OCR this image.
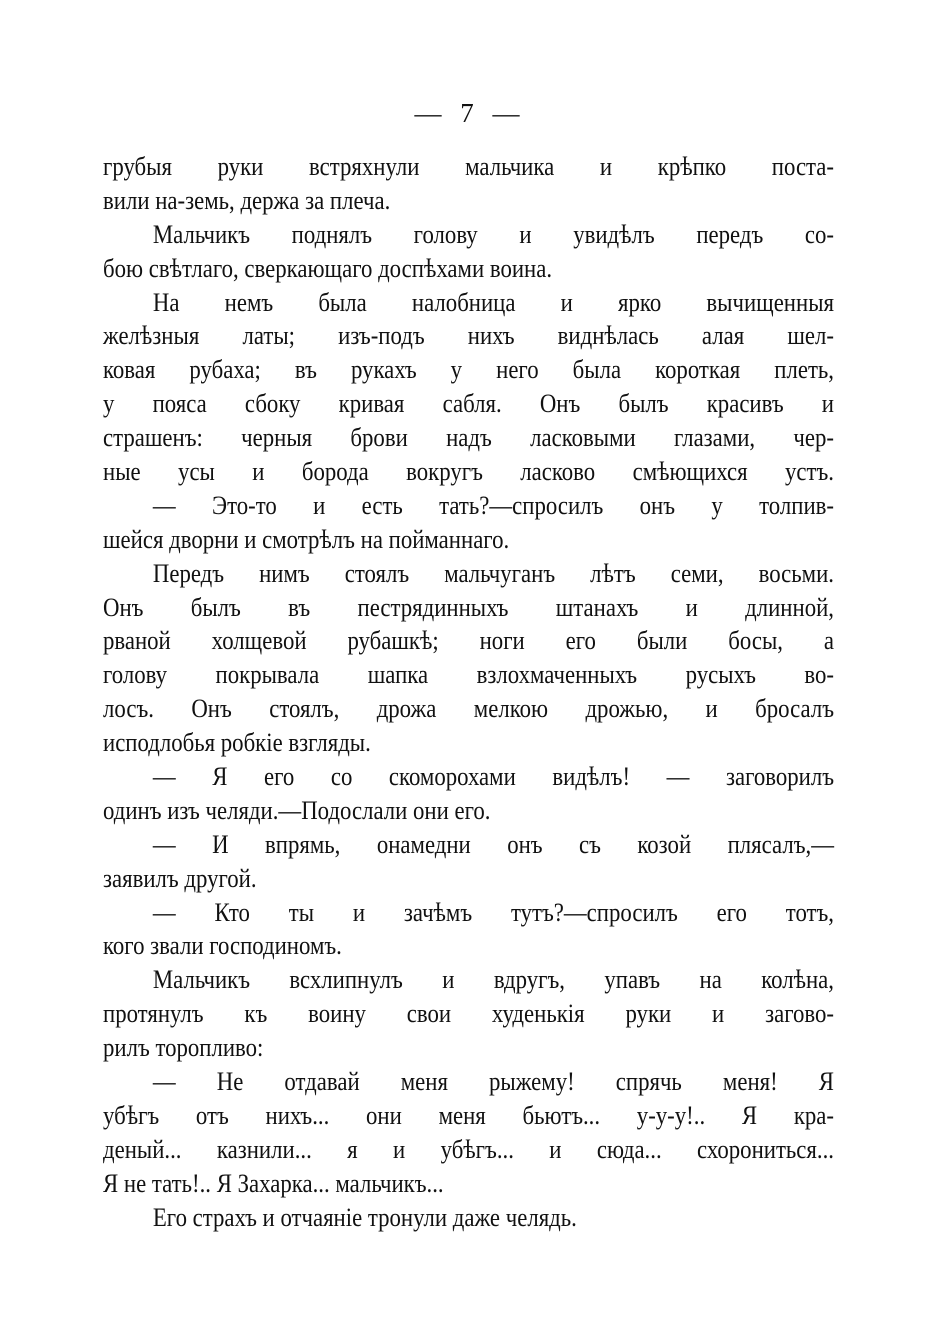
— 7 —
грубыя руки встряхнули мальчика и крѣпко поста-
вили на-земь, держа за плеча.
Мальчикъ поднялъ голову и увидѣлъ передъ со-
бою свѣтлаго, сверкающаго доспѣхами воина.
На немъ была налобница и ярко вычищенныя
желѣзныя латы; изъ-подъ нихъ виднѣлась алая шел-
ковая рубаха; въ рукахъ у него была короткая плеть,
у пояса сбоку кривая сабля. Онъ былъ красивъ и
страшенъ: черныя брови надъ ласковыми глазами, чер-
ные усы и борода вокругъ ласково смѣющихся устъ.
— Это-то и есть тать?—спросилъ онъ у толпив-
шейся дворни и смотрѣлъ на пойманнаго.
Передъ нимъ стоялъ мальчуганъ лѣтъ семи, восьми.
Онъ былъ въ пестрядинныхъ штанахъ и длинной,
рваной холщевой рубашкѣ; ноги его были босы, а
голову покрывала шапка взлохмаченныхъ русыхъ во-
лосъ. Онъ стоялъ, дрожа мелкою дрожью, и бросалъ
исподлобья робкіе взгляды.
— Я его со скоморохами видѣлъ! — заговорилъ
одинъ изъ челяди.—Подослали они его.
— И впрямь, онамедни онъ съ козой плясалъ,—
заявилъ другой.
— Кто ты и зачѣмъ тутъ?—спросилъ его тотъ,
кого звали господиномъ.
Мальчикъ всхлипнулъ и вдругъ, упавъ на колѣна,
протянулъ къ воину свои худенькія руки и загово-
рилъ торопливо:
— Не отдавай меня рыжему! спрячь меня! Я
убѣгъ отъ нихъ... они меня бьютъ... у-у-у!.. Я кра-
деный... казнили... я и убѣгъ... и сюда... схорониться...
Я не тать!.. Я Захарка... мальчикъ...
Его страхъ и отчаяніе тронули даже челядь.
